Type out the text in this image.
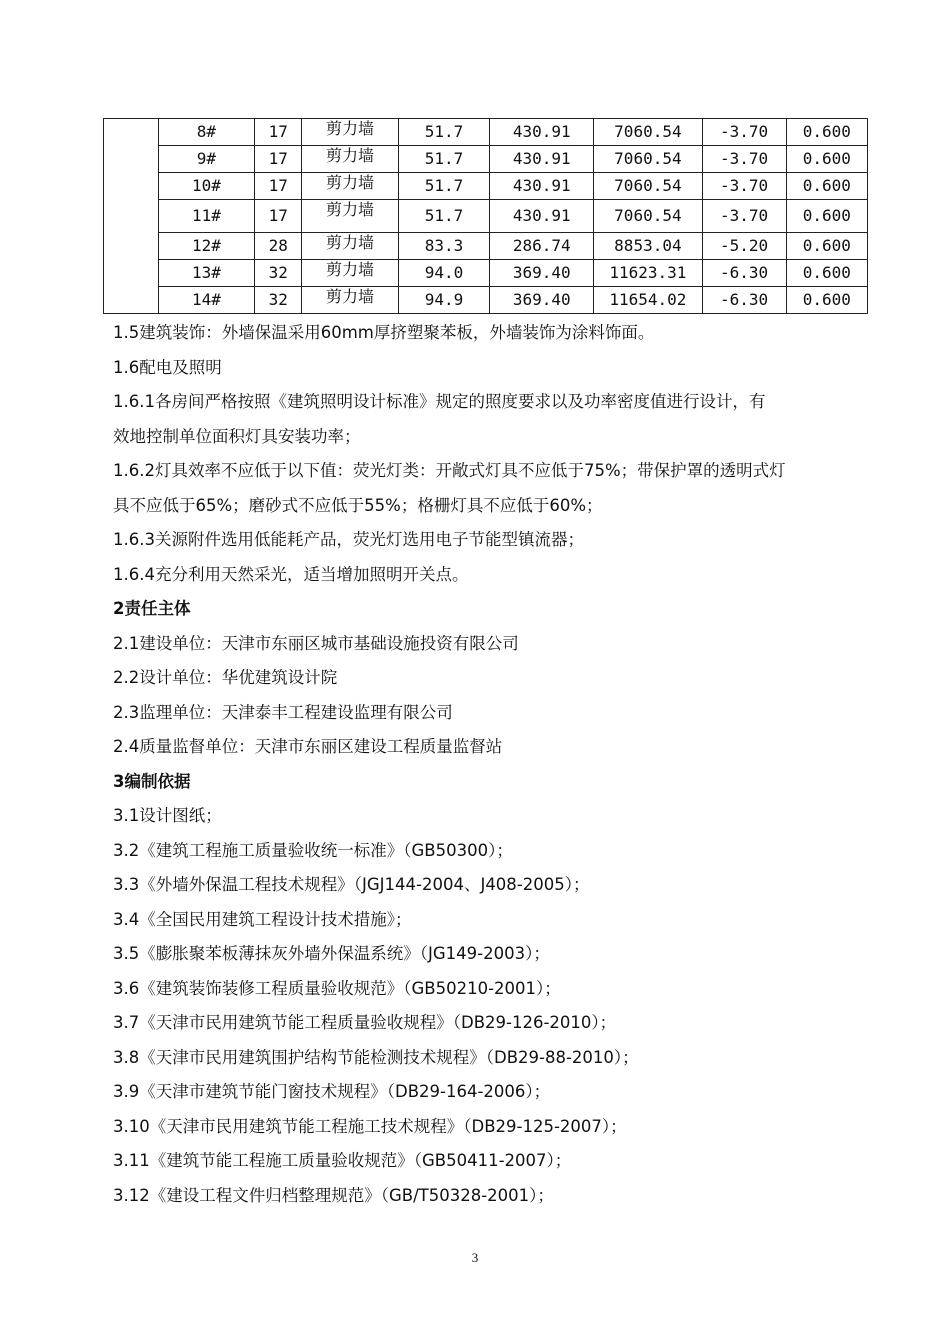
	8#	17	剪力墙	51.7	430.91	7060.54	-3.70	0.600
	9#	17	剪力墙	51.7	430.91	7060.54	-3.70	0.600
	10#	17	剪力墙	51.7	430.91	7060.54	-3.70	0.600
	11#	17	剪力墙	51.7	430.91	7060.54	-3.70	0.600
	12#	28	剪力墙	83.3	286.74	8853.04	-5.20	0.600
	13#	32	剪力墙	94.0	369.40	11623.31	-6.30	0.600
	14#	32	剪力墙	94.9	369.40	11654.02	-6.30	0.600
1.5建筑装饰：外墙保温采用60mm厚挤塑聚苯板，外墙装饰为涂料饰面。
1.6配电及照明
1.6.1各房间严格按照《建筑照明设计标准》规定的照度要求以及功率密度值进行设计，有
效地控制单位面积灯具安装功率；
1.6.2灯具效率不应低于以下值：荧光灯类：开敞式灯具不应低于75%；带保护罩的透明式灯
具不应低于65%；磨砂式不应低于55%；格栅灯具不应低于60%；
1.6.3关源附件选用低能耗产品，荧光灯选用电子节能型镇流器；
1.6.4充分利用天然采光，适当增加照明开关点。
2责任主体
2.1建设单位：天津市东丽区城市基础设施投资有限公司
2.2设计单位：华优建筑设计院
2.3监理单位：天津泰丰工程建设监理有限公司
2.4质量监督单位：天津市东丽区建设工程质量监督站
3编制依据
3.1设计图纸；
3.2《建筑工程施工质量验收统一标准》（GB50300）；
3.3《外墙外保温工程技术规程》（JGJ144-2004、J408-2005）；
3.4《全国民用建筑工程设计技术措施》；
3.5《膨胀聚苯板薄抹灰外墙外保温系统》（JG149-2003）；
3.6《建筑装饰装修工程质量验收规范》（GB50210-2001）；
3.7《天津市民用建筑节能工程质量验收规程》（DB29-126-2010）；
3.8《天津市民用建筑围护结构节能检测技术规程》（DB29-88-2010）；
3.9《天津市建筑节能门窗技术规程》（DB29-164-2006）；
3.10《天津市民用建筑节能工程施工技术规程》（DB29-125-2007）；
3.11《建筑节能工程施工质量验收规范》（GB50411-2007）；
3.12《建设工程文件归档整理规范》（GB/T50328-2001）；
3
